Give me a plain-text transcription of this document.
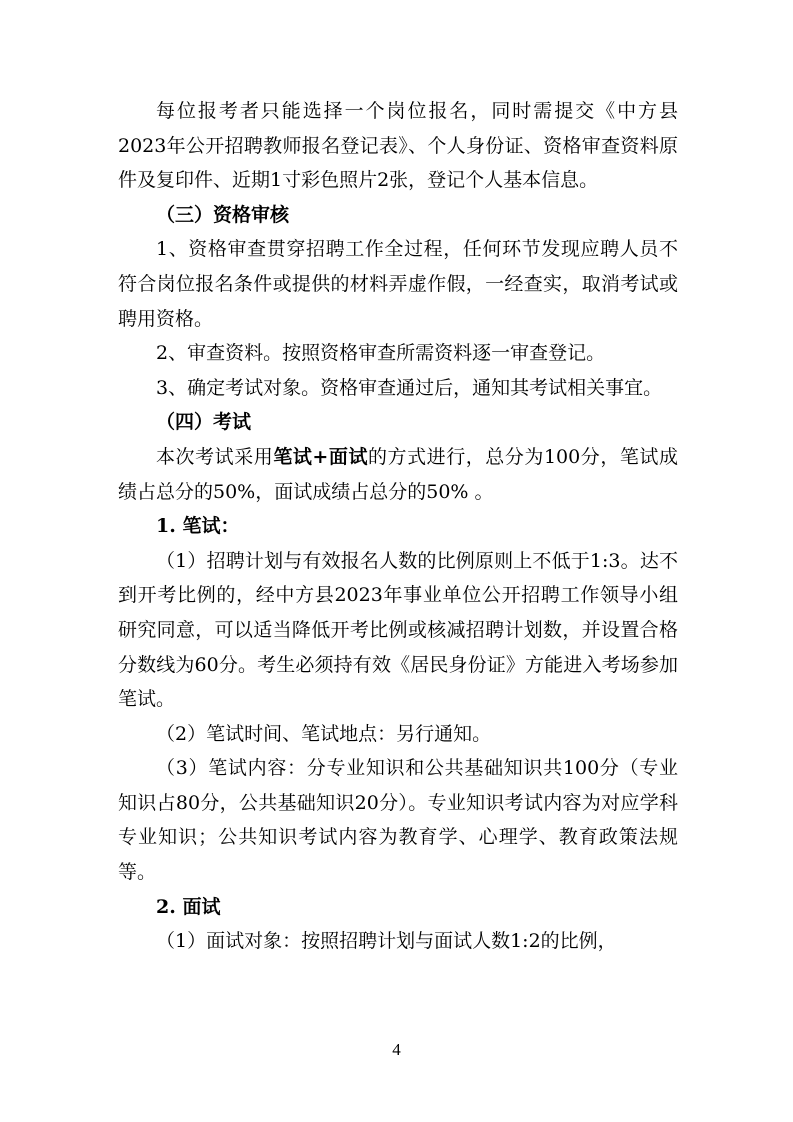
每位报考者只能选择一个岗位报名，同时需提交《中方县2023年公开招聘教师报名登记表》、个人身份证、资格审查资料原件及复印件、近期1寸彩色照片2张，登记个人基本信息。

（三）资格审核

1、资格审查贯穿招聘工作全过程，任何环节发现应聘人员不符合岗位报名条件或提供的材料弄虚作假，一经查实，取消考试或聘用资格。

2、审查资料。按照资格审查所需资料逐一审查登记。

3、确定考试对象。资格审查通过后，通知其考试相关事宜。

（四）考试

本次考试采用笔试+面试的方式进行，总分为100分，笔试成绩占总分的50%，面试成绩占总分的50% 。

1. 笔试：

（1）招聘计划与有效报名人数的比例原则上不低于1:3。达不到开考比例的，经中方县2023年事业单位公开招聘工作领导小组研究同意，可以适当降低开考比例或核减招聘计划数，并设置合格分数线为60分。考生必须持有效《居民身份证》方能进入考场参加笔试。

（2）笔试时间、笔试地点：另行通知。

（3）笔试内容：分专业知识和公共基础知识共100分（专业知识占80分，公共基础知识20分）。专业知识考试内容为对应学科专业知识；公共知识考试内容为教育学、心理学、教育政策法规等。

2. 面试

（1）面试对象：按照招聘计划与面试人数1:2的比例，

4
